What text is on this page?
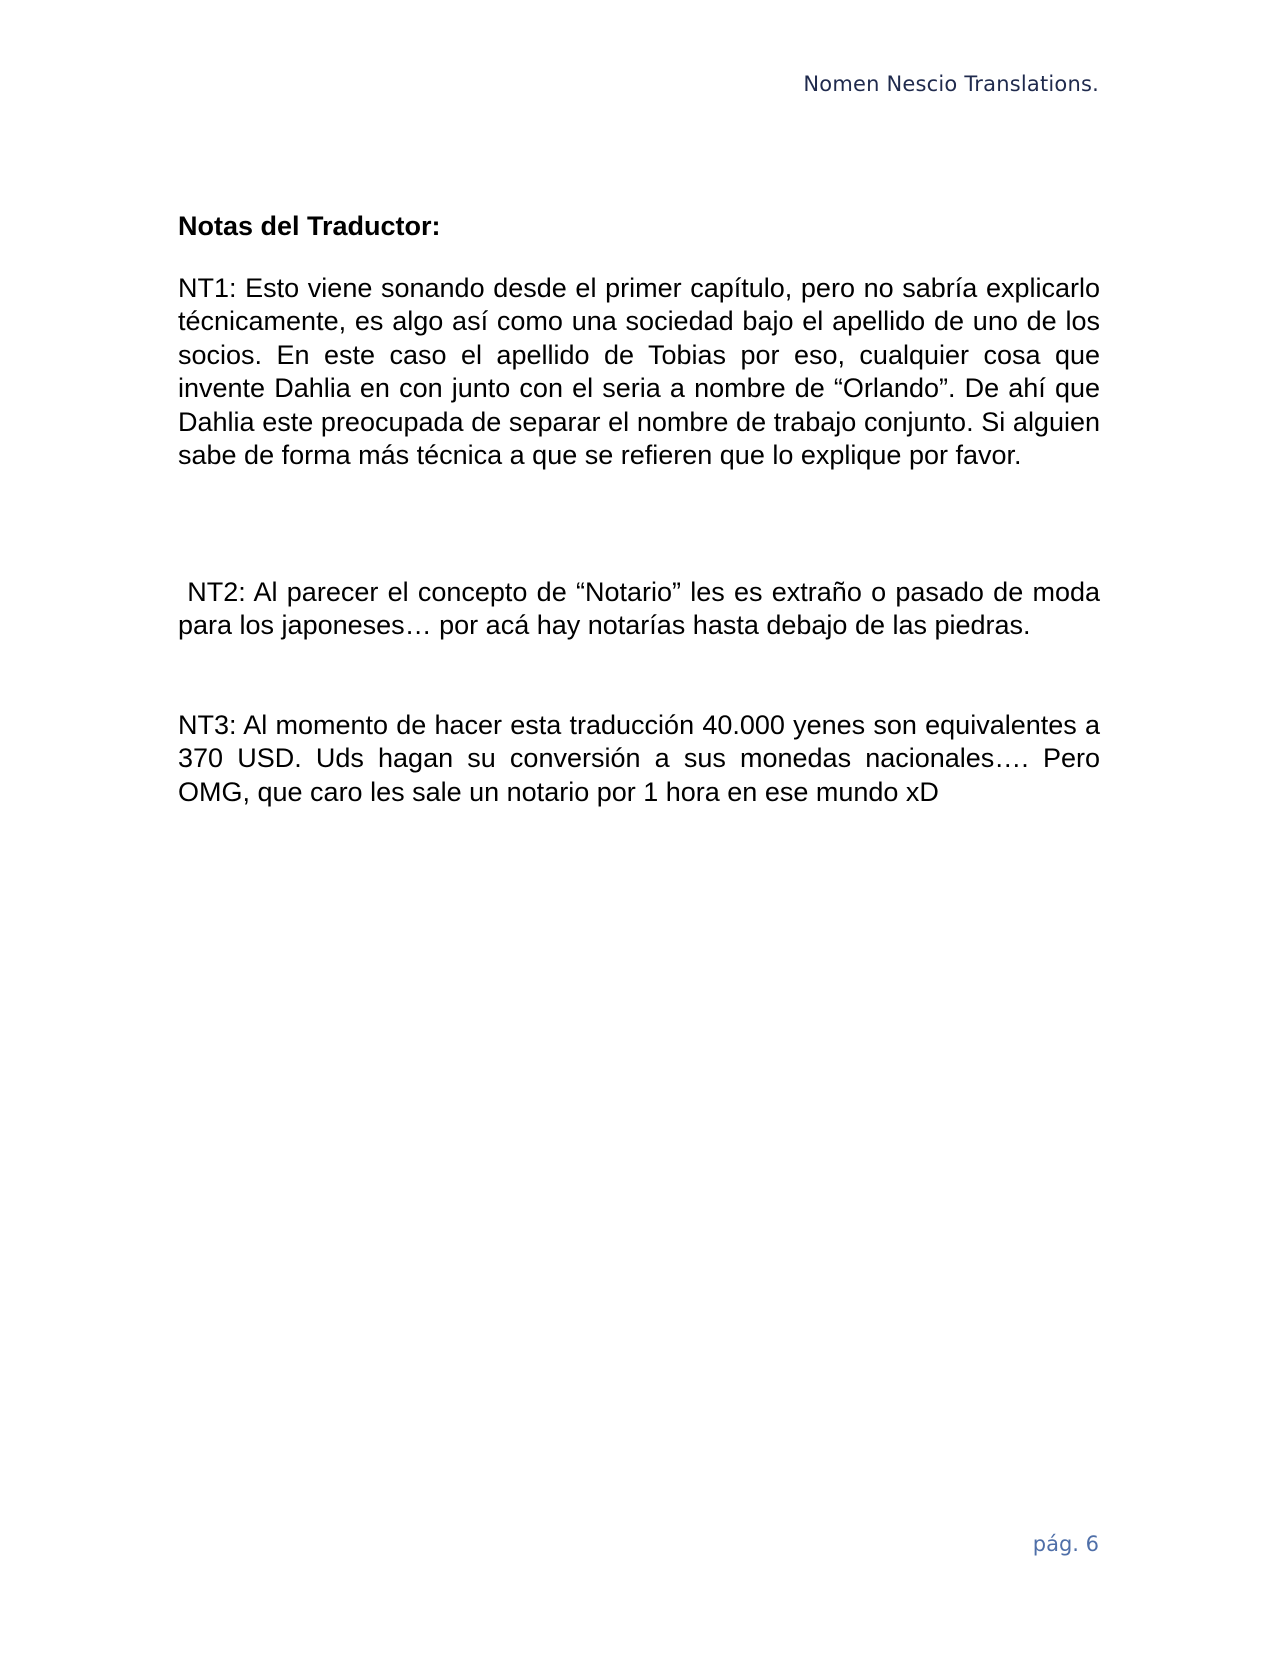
Nomen Nescio Translations.
Notas del Traductor:

NT1: Esto viene sonando desde el primer capítulo, pero no sabría explicarlo técnicamente, es algo así como una sociedad bajo el apellido de uno de los socios. En este caso el apellido de Tobias por eso, cualquier cosa que invente Dahlia en con junto con el seria a nombre de “Orlando”. De ahí que Dahlia este preocupada de separar el nombre de trabajo conjunto. Si alguien sabe de forma más técnica a que se refieren que lo explique por favor.

NT2: Al parecer el concepto de “Notario” les es extraño o pasado de moda para los japoneses… por acá hay notarías hasta debajo de las piedras.

NT3: Al momento de hacer esta traducción 40.000 yenes son equivalentes a 370 USD. Uds hagan su conversión a sus monedas nacionales…. Pero OMG, que caro les sale un notario por 1 hora en ese mundo xD

pág. 6
